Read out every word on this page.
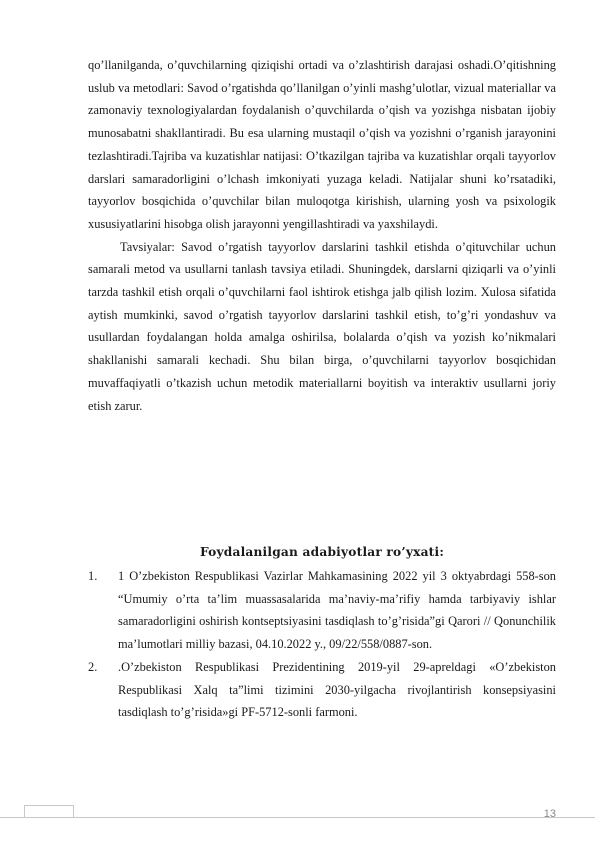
qo’llanilganda, o’quvchilarning qiziqishi ortadi va o’zlashtirish darajasi oshadi.O’qitishning uslub va metodlari: Savod o’rgatishda qo’llanilgan o’yinli mashg’ulotlar, vizual materiallar va zamonaviy texnologiyalardan foydalanish o’quvchilarda o’qish va yozishga nisbatan ijobiy munosabatni shakllantiradi. Bu esa ularning mustaqil o’qish va yozishni o’rganish jarayonini tezlashtiradi.Tajriba va kuzatishlar natijasi: O’tkazilgan tajriba va kuzatishlar orqali tayyorlov darslari samaradorligini o’lchash imkoniyati yuzaga keladi. Natijalar shuni ko’rsatadiki, tayyorlov bosqichida o’quvchilar bilan muloqotga kirishish, ularning yosh va psixologik xususiyatlarini hisobga olish jarayonni yengillashtiradi va yaxshilaydi.

Tavsiyalar: Savod o’rgatish tayyorlov darslarini tashkil etishda o’qituvchilar uchun samarali metod va usullarni tanlash tavsiya etiladi. Shuningdek, darslarni qiziqarli va o’yinli tarzda tashkil etish orqali o’quvchilarni faol ishtirok etishga jalb qilish lozim. Xulosa sifatida aytish mumkinki, savod o’rgatish tayyorlov darslarini tashkil etish, to’g’ri yondashuv va usullardan foydalangan holda amalga oshirilsa, bolalarda o’qish va yozish ko’nikmalari shakllanishi samarali kechadi. Shu bilan birga, o’quvchilarni tayyorlov bosqichidan muvaffaqiyatli o’tkazish uchun metodik materiallarni boyitish va interaktiv usullarni joriy etish zarur.

Foydalanilgan adabiyotlar ro’yxati:
1. 1 O’zbekiston Respublikasi Vazirlar Mahkamasining 2022 yil 3 oktyabrdagi 558-son “Umumiy o’rta ta’lim muassasalarida ma’naviy-ma’rifiy hamda tarbiyaviy ishlar samaradorligini oshirish kontseptsiyasini tasdiqlash to’g’risida”gi Qarori // Qonunchilik ma’lumotlari milliy bazasi, 04.10.2022 y., 09/22/558/0887-son.
2. .O’zbekiston Respublikasi Prezidentining 2019-yil 29-apreldagi «O’zbekiston Respublikasi Xalq ta”limi tizimini 2030-yilgacha rivojlantirish konsepsiyasini tasdiqlash to’g’risida»gi PF-5712-sonli farmoni.
13
